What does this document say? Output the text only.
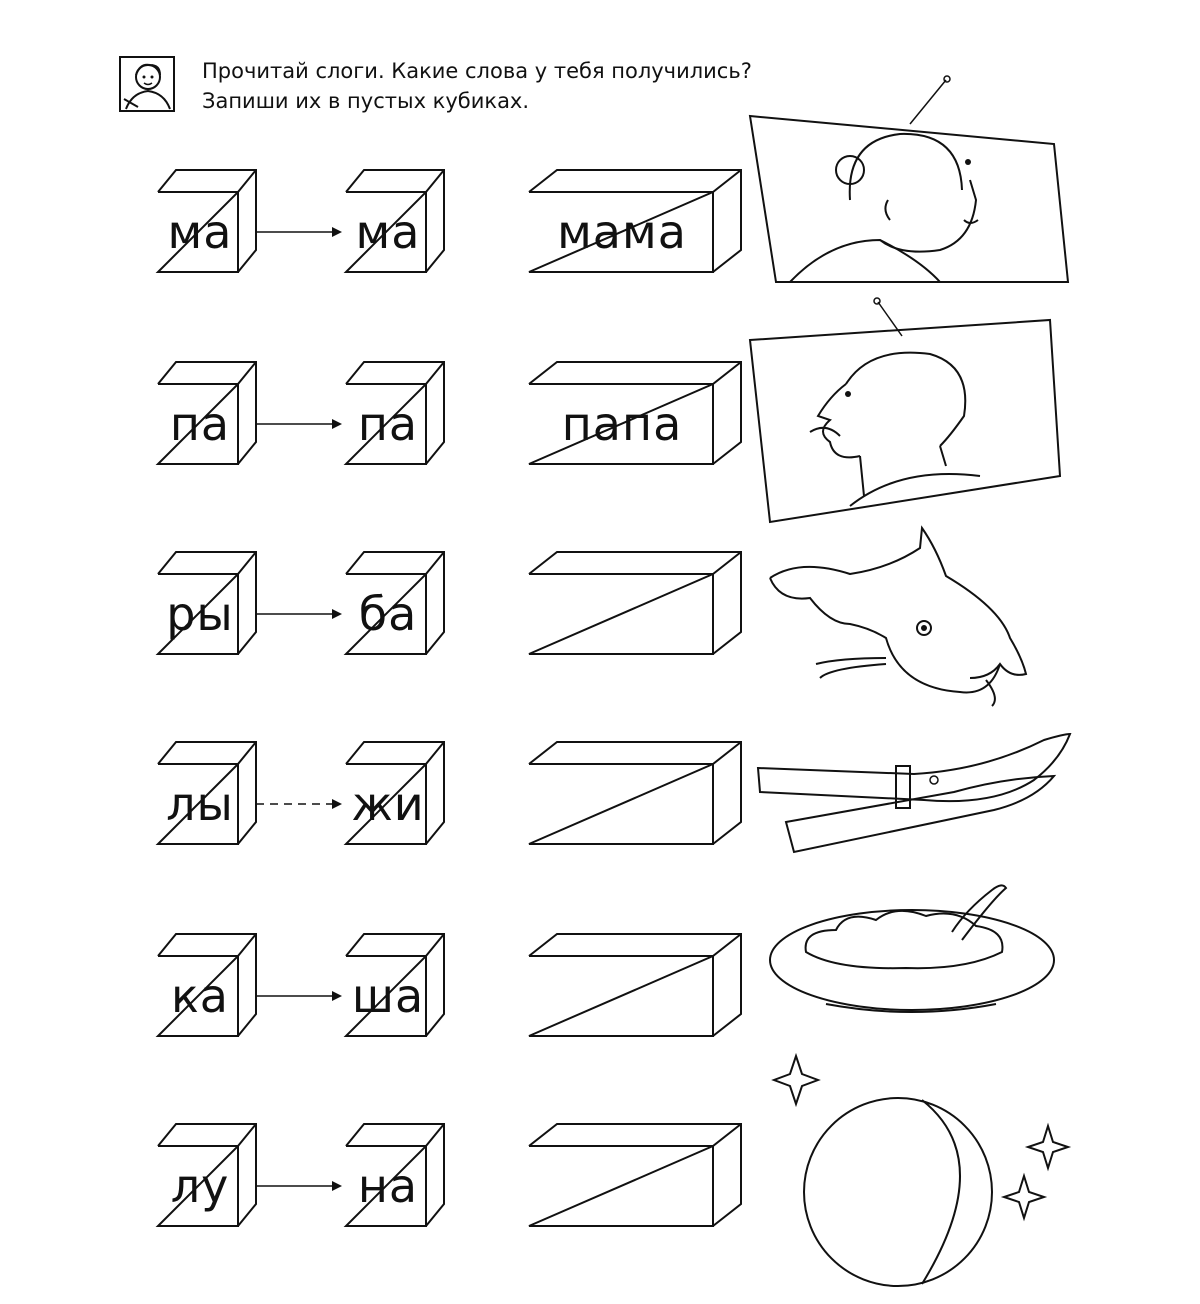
Прочитай слоги. Какие слова у тебя получились?
Запиши их в пустых кубиках.
ма	ма	мама
па	па	папа
ры	ба
лы	жи
ка	ша
лу	на
